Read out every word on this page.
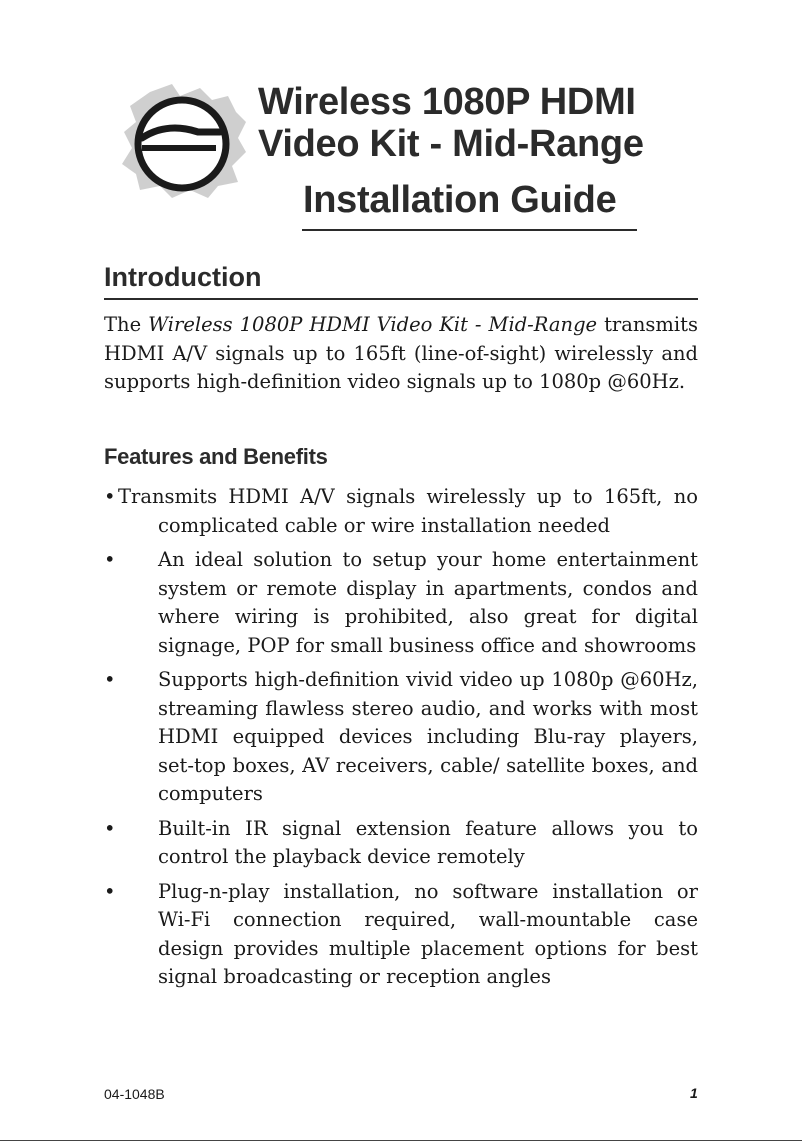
Wireless 1080P HDMI
Video Kit - Mid-Range
Installation Guide
Introduction
The Wireless 1080P HDMI Video Kit - Mid-Range transmits HDMI A/V signals up to 165ft (line-of-sight) wirelessly and supports high-definition video signals up to 1080p @60Hz.
Features and Benefits
• Transmits HDMI A/V signals wirelessly up to 165ft, no complicated cable or wire installation needed
• An ideal solution to setup your home entertainment system or remote display in apartments, condos and where wiring is prohibited, also great for digital signage, POP for small business office and showrooms
• Supports high-definition vivid video up 1080p @60Hz, streaming flawless stereo audio, and works with most HDMI equipped devices including Blu-ray players, set-top boxes, AV receivers, cable/ satellite boxes, and computers
• Built-in IR signal extension feature allows you to control the playback device remotely
• Plug-n-play installation, no software installation or Wi-Fi connection required, wall-mountable case design provides multiple placement options for best signal broadcasting or reception angles
04-1048B	1
